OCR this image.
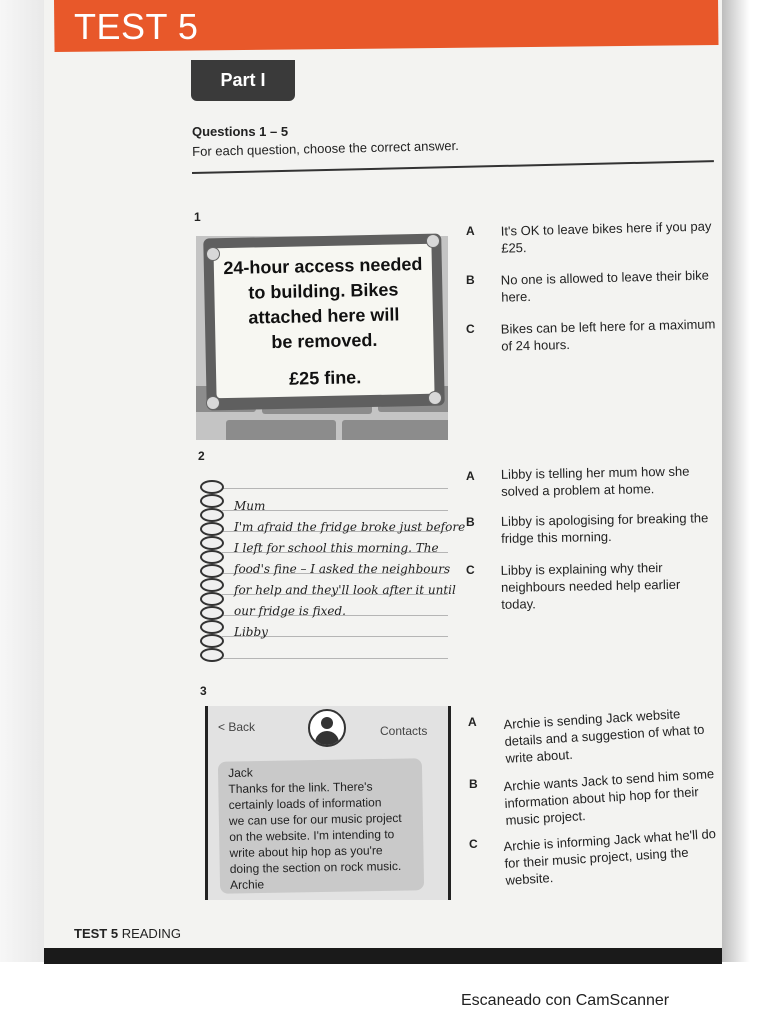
TEST 5
Part I
Questions 1 – 5
For each question, choose the correct answer.
1
24-hour access needed
to building. Bikes
attached here will
be removed.
£25 fine.
A It's OK to leave bikes here if you pay £25.
B No one is allowed to leave their bike here.
C Bikes can be left here for a maximum of 24 hours.
2
Mum
I'm afraid the fridge broke just before
I left for school this morning. The
food's fine – I asked the neighbours
for help and they'll look after it until
our fridge is fixed.
Libby
A Libby is telling her mum how she solved a problem at home.
B Libby is apologising for breaking the fridge this morning.
C Libby is explaining why their neighbours needed help earlier today.
3
< Back	Contacts
Jack
Thanks for the link. There's
certainly loads of information
we can use for our music project
on the website. I'm intending to
write about hip hop as you're
doing the section on rock music.
Archie
A Archie is sending Jack website details and a suggestion of what to write about.
B Archie wants Jack to send him some information about hip hop for their music project.
C Archie is informing Jack what he'll do for their music project, using the website.
TEST 5 READING
Escaneado con CamScanner
